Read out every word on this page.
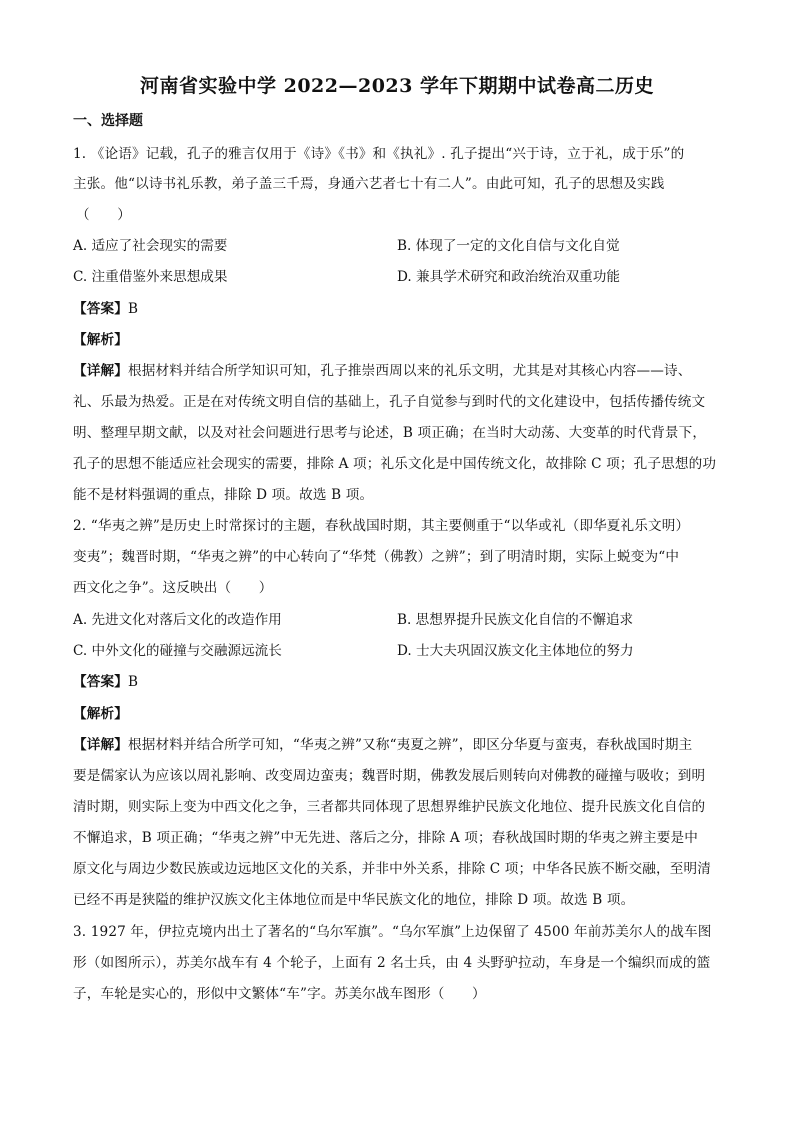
河南省实验中学 2022—2023 学年下期期中试卷高二历史
一、选择题
1. 《论语》记载，孔子的雅言仅用于《诗》《书》和《执礼》. 孔子提出“兴于诗，立于礼，成于乐”的
主张。他“以诗书礼乐教，弟子盖三千焉，身通六艺者七十有二人”。由此可知，孔子的思想及实践
（　　）
A. 适应了社会现实的需要	B. 体现了一定的文化自信与文化自觉
C. 注重借鉴外来思想成果	D. 兼具学术研究和政治统治双重功能
【答案】B
【解析】
【详解】根据材料并结合所学知识可知，孔子推崇西周以来的礼乐文明，尤其是对其核心内容——诗、
礼、乐最为热爱。正是在对传统文明自信的基础上，孔子自觉参与到时代的文化建设中，包括传播传统文
明、整理早期文献，以及对社会问题进行思考与论述，B 项正确；在当时大动荡、大变革的时代背景下，
孔子的思想不能适应社会现实的需要，排除 A 项；礼乐文化是中国传统文化，故排除 C 项；孔子思想的功
能不是材料强调的重点，排除 D 项。故选 B 项。
2. “华夷之辨”是历史上时常探讨的主题，春秋战国时期，其主要侧重于“以华或礼（即华夏礼乐文明）
变夷”；魏晋时期，“华夷之辨”的中心转向了“华梵（佛教）之辨”；到了明清时期，实际上蜕变为“中
西文化之争”。这反映出（　　）
A. 先进文化对落后文化的改造作用	B. 思想界提升民族文化自信的不懈追求
C. 中外文化的碰撞与交融源远流长	D. 士大夫巩固汉族文化主体地位的努力
【答案】B
【解析】
【详解】根据材料并结合所学可知，“华夷之辨”又称“夷夏之辨”，即区分华夏与蛮夷，春秋战国时期主
要是儒家认为应该以周礼影响、改变周边蛮夷；魏晋时期，佛教发展后则转向对佛教的碰撞与吸收；到明
清时期，则实际上变为中西文化之争，三者都共同体现了思想界维护民族文化地位、提升民族文化自信的
不懈追求，B 项正确；“华夷之辨”中无先进、落后之分，排除 A 项；春秋战国时期的华夷之辨主要是中
原文化与周边少数民族或边远地区文化的关系，并非中外关系，排除 C 项；中华各民族不断交融，至明清
已经不再是狭隘的维护汉族文化主体地位而是中华民族文化的地位，排除 D 项。故选 B 项。
3. 1927 年，伊拉克境内出土了著名的“乌尔军旗”。“乌尔军旗”上边保留了 4500 年前苏美尔人的战车图
形（如图所示），苏美尔战车有 4 个轮子，上面有 2 名士兵，由 4 头野驴拉动，车身是一个编织而成的篮
子，车轮是实心的，形似中文繁体“车”字。苏美尔战车图形（　　）
